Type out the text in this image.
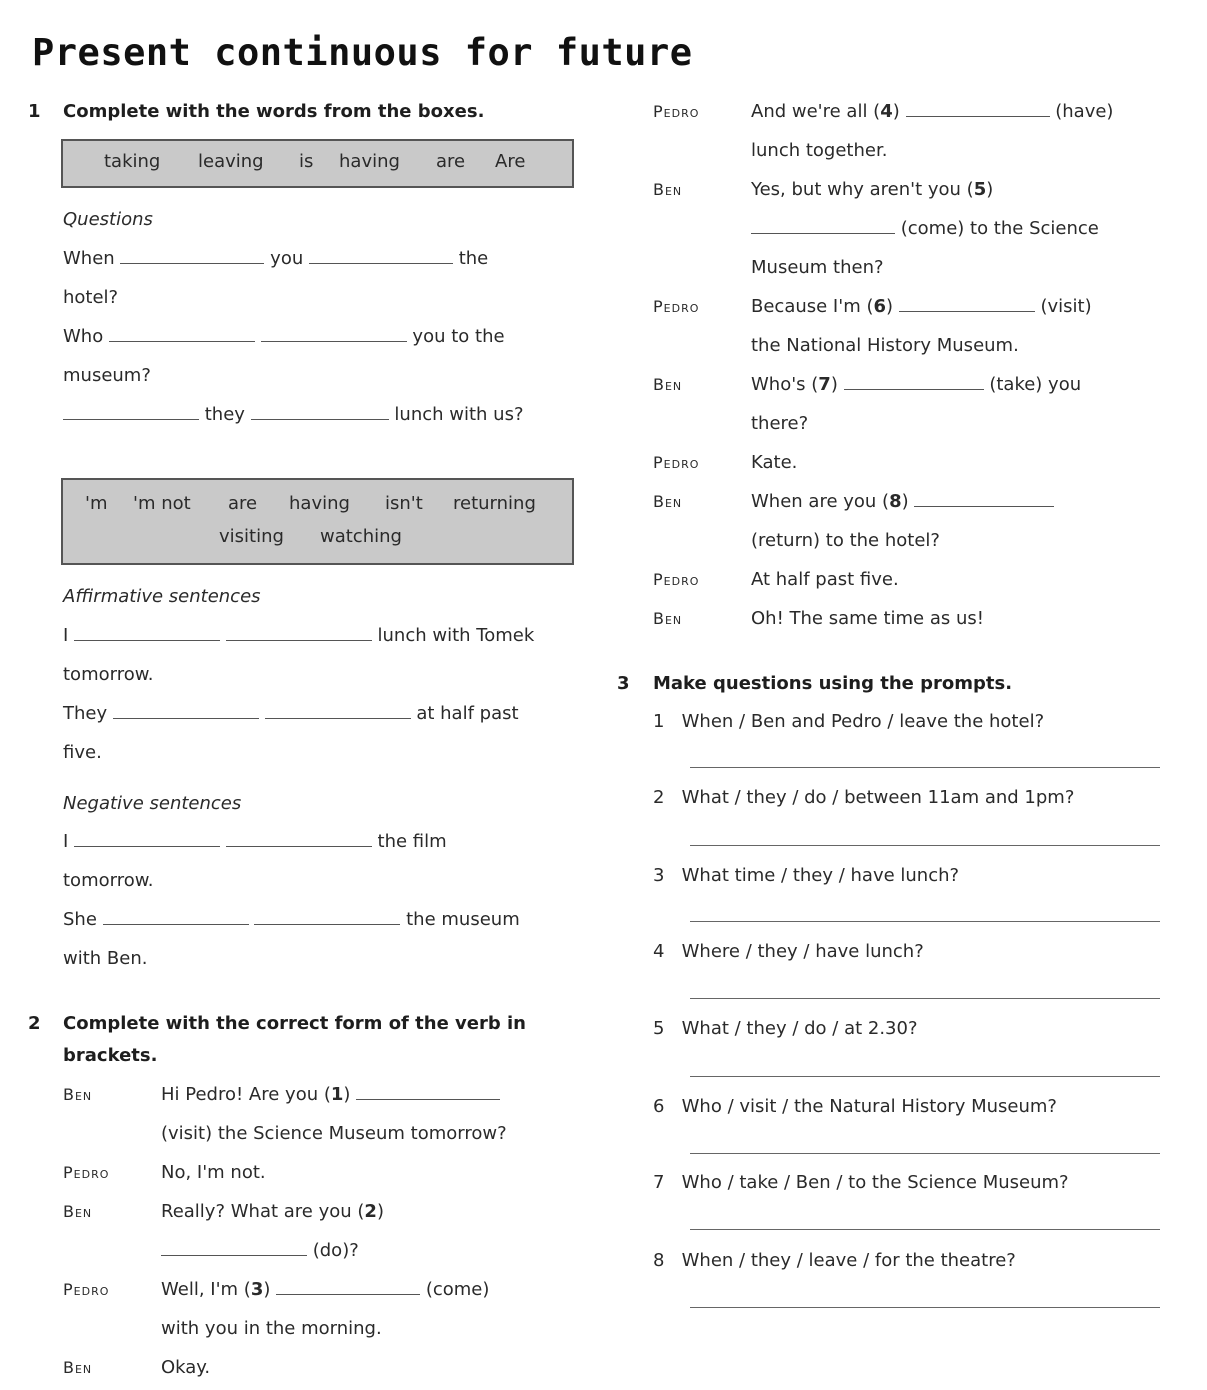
Present continuous for future
1 Complete with the words from the boxes.
taking leaving is having are Are
Questions
When	you	the
hotel?
Who	you to the
museum?
they	lunch with us?
'm 'm not are having isn't returning
visiting watching
Affirmative sentences
I	lunch with Tomek
tomorrow.
They	at half past
five.
Negative sentences
I	the film
tomorrow.
She	the museum
with Ben.
2 Complete with the correct form of the verb in
brackets.
Ben	Hi Pedro! Are you (1)
(visit) the Science Museum tomorrow?
Pedro	No, I'm not.
Ben	Really? What are you (2)
(do)?
Pedro	Well, I'm (3)	(come)
with you in the morning.
Ben	Okay.
Pedro	And we're all (4)	(have)
lunch together.
Ben	Yes, but why aren't you (5)
(come) to the Science
Museum then?
Pedro	Because I'm (6)	(visit)
the National History Museum.
Ben	Who's (7)	(take) you
there?
Pedro	Kate.
Ben	When are you (8)
(return) to the hotel?
Pedro	At half past five.
Ben	Oh! The same time as us!
3 Make questions using the prompts.
1 When / Ben and Pedro / leave the hotel?
2 What / they / do / between 11am and 1pm?
3 What time / they / have lunch?
4 Where / they / have lunch?
5 What / they / do / at 2.30?
6 Who / visit / the Natural History Museum?
7 Who / take / Ben / to the Science Museum?
8 When / they / leave / for the theatre?
